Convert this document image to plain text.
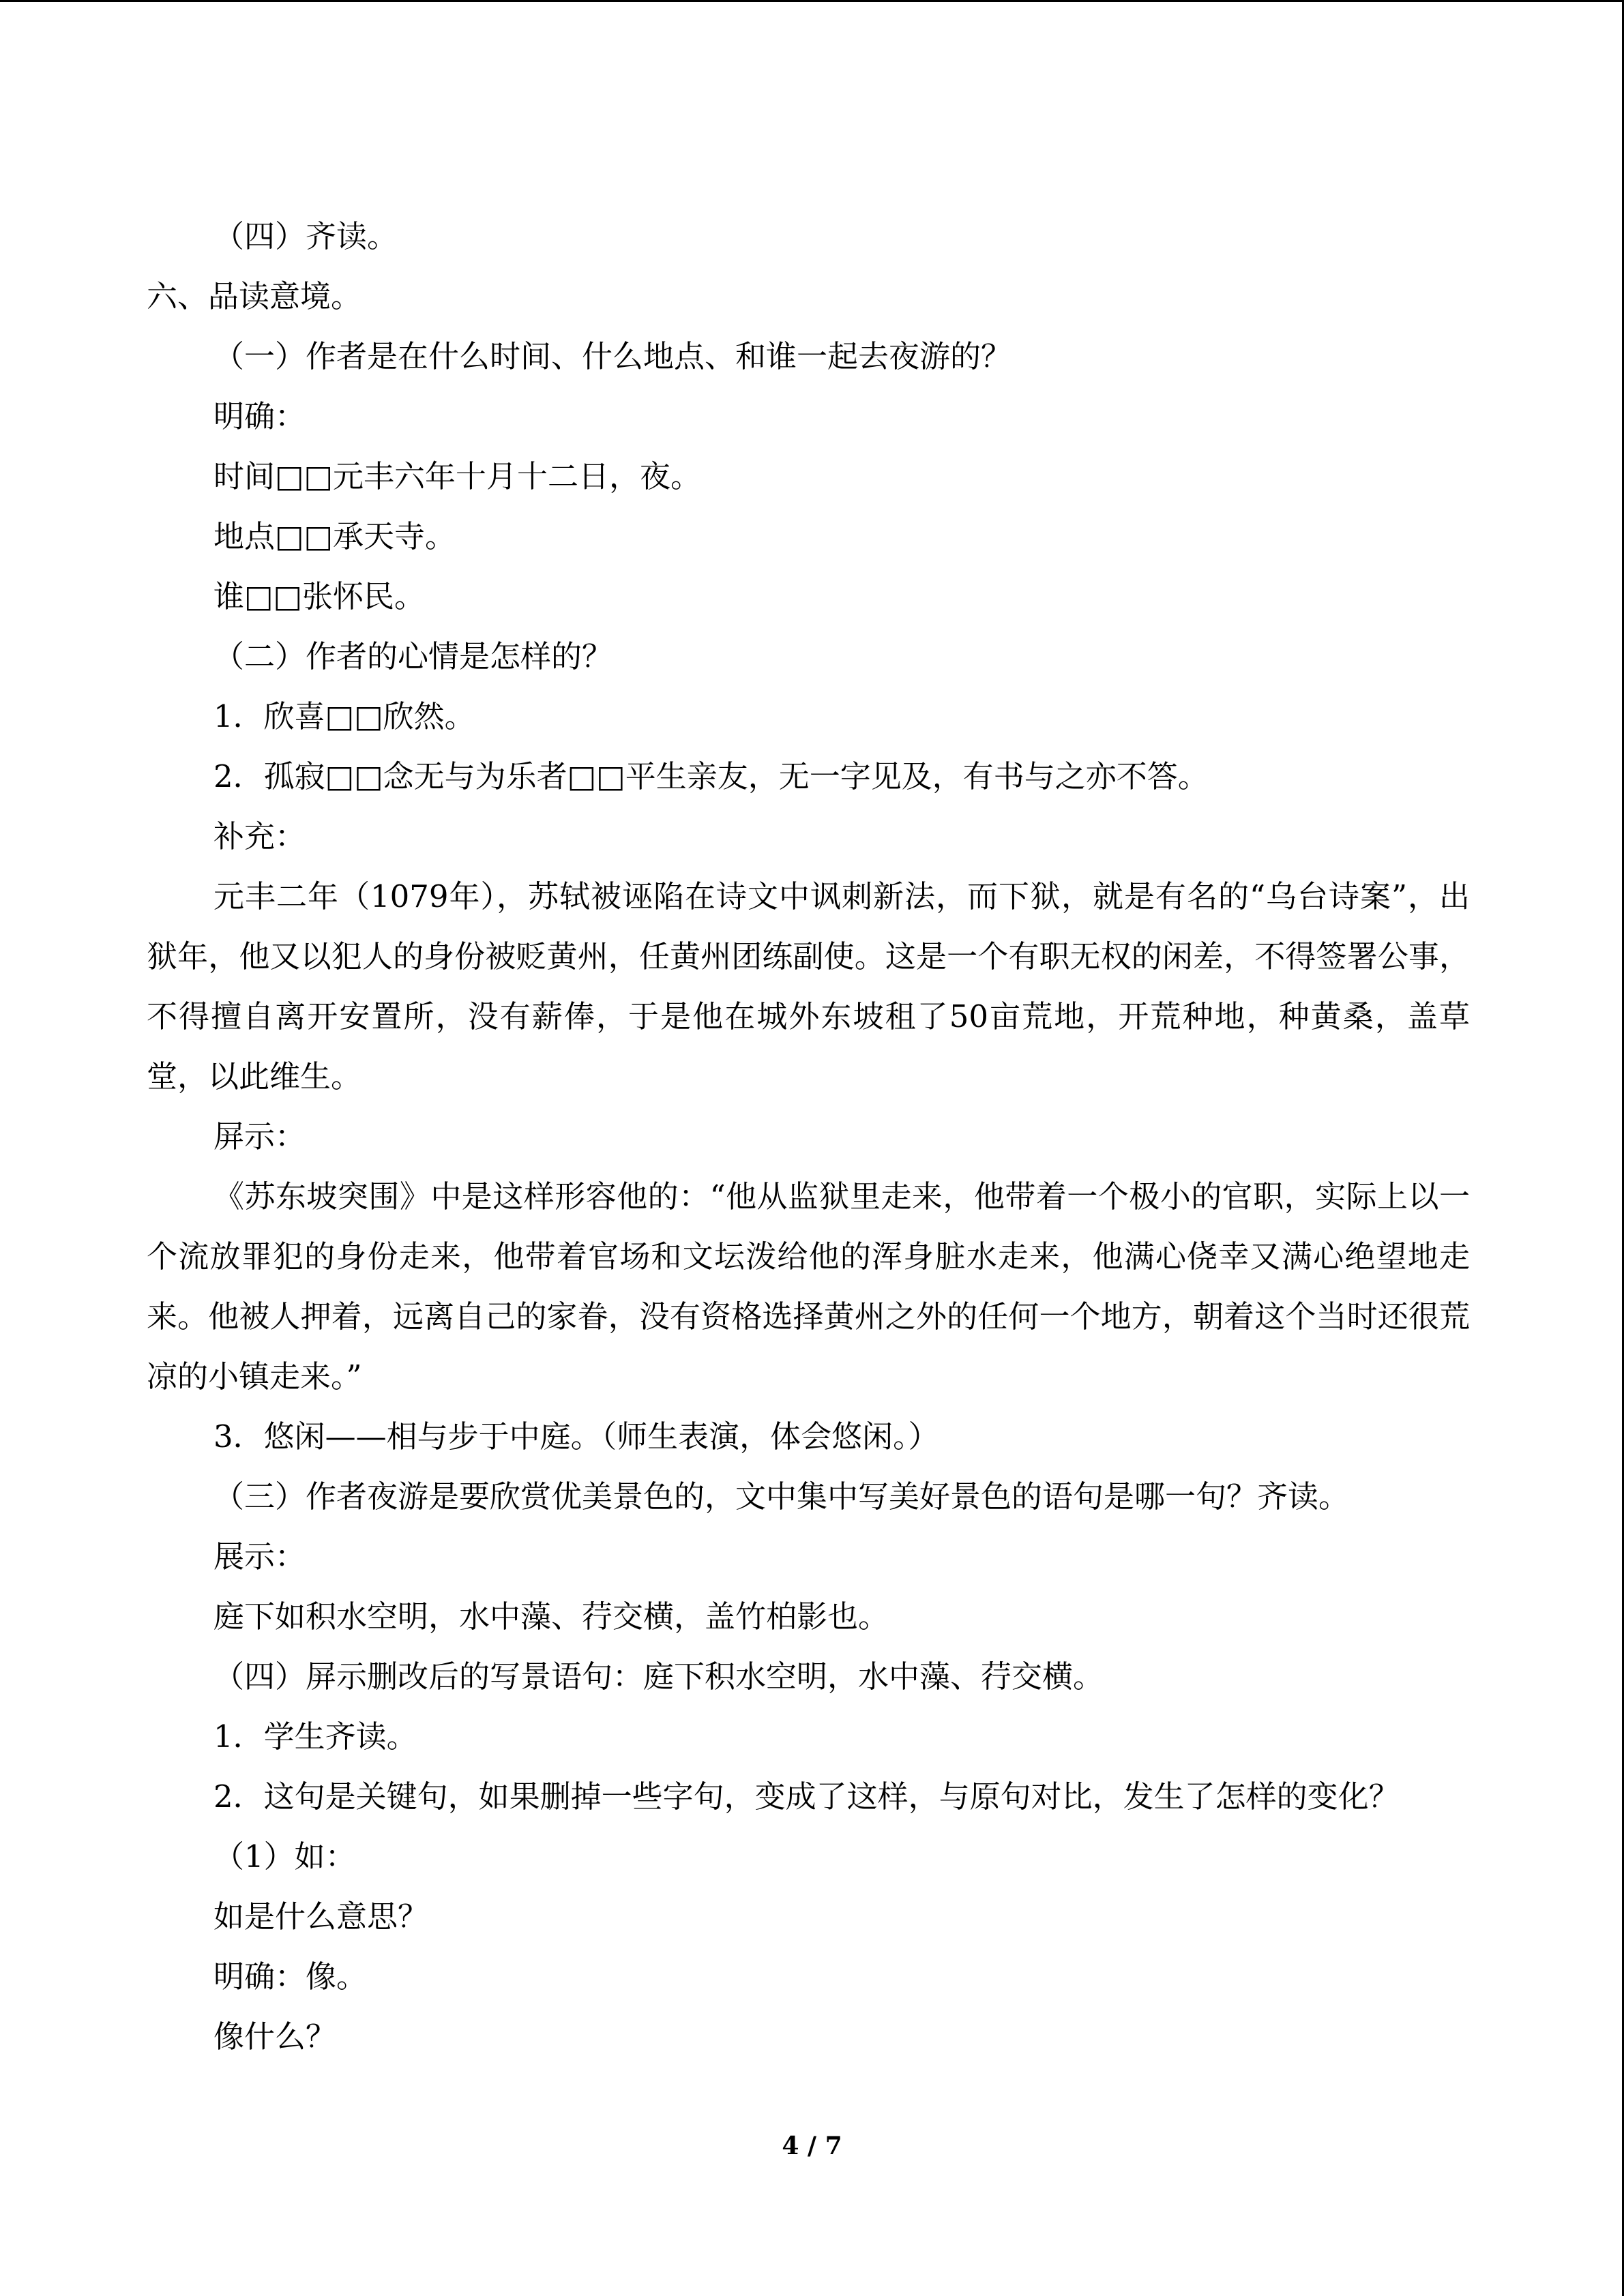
（四）齐读。

六、品读意境。

（一）作者是在什么时间、什么地点、和谁一起去夜游的？

明确：

时间□□元丰六年十月十二日，夜。

地点□□承天寺。

谁□□张怀民。

（二）作者的心情是怎样的？

1．欣喜□□欣然。

2．孤寂□□念无与为乐者□□平生亲友，无一字见及，有书与之亦不答。

补充：

元丰二年（1079年），苏轼被诬陷在诗文中讽刺新法，而下狱，就是有名的“乌台诗案”，出狱年，他又以犯人的身份被贬黄州，任黄州团练副使。这是一个有职无权的闲差，不得签署公事，不得擅自离开安置所，没有薪俸，于是他在城外东坡租了50亩荒地，开荒种地，种黄桑，盖草堂，以此维生。

屏示：

《苏东坡突围》中是这样形容他的：“他从监狱里走来，他带着一个极小的官职，实际上以一个流放罪犯的身份走来，他带着官场和文坛泼给他的浑身脏水走来，他满心侥幸又满心绝望地走来。他被人押着，远离自己的家眷，没有资格选择黄州之外的任何一个地方，朝着这个当时还很荒凉的小镇走来。”

3．悠闲——相与步于中庭。（师生表演，体会悠闲。）

（三）作者夜游是要欣赏优美景色的，文中集中写美好景色的语句是哪一句？齐读。

展示：

庭下如积水空明，水中藻、荇交横，盖竹柏影也。

（四）屏示删改后的写景语句：庭下积水空明，水中藻、荇交横。

1．学生齐读。

2．这句是关键句，如果删掉一些字句，变成了这样，与原句对比，发生了怎样的变化？

（1）如：

如是什么意思？

明确：像。

像什么？

4 / 7
